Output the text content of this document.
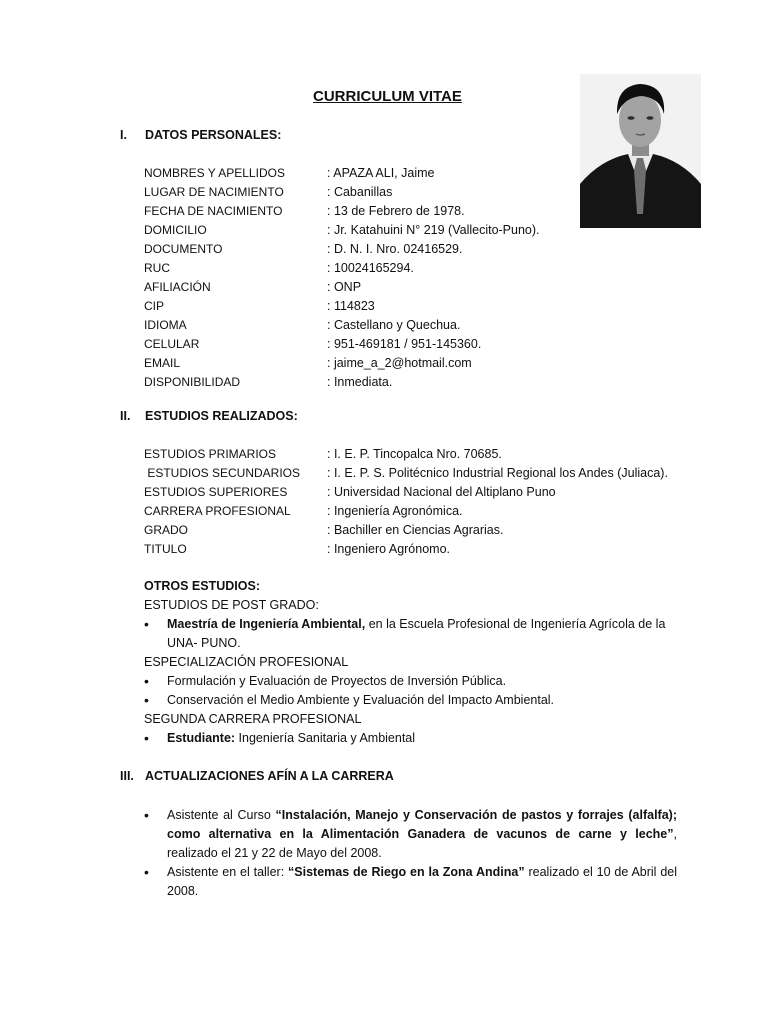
CURRICULUM VITAE
I. DATOS PERSONALES:
NOMBRES Y APELLIDOS	: APAZA ALI, Jaime
LUGAR DE NACIMIENTO	: Cabanillas
FECHA DE NACIMIENTO	: 13 de Febrero de 1978.
DOMICILIO	: Jr. Katahuini N° 219 (Vallecito-Puno).
DOCUMENTO	: D. N. I. Nro. 02416529.
RUC	: 10024165294.
AFILIACIÓN	: ONP
CIP	: 114823
IDIOMA	: Castellano y Quechua.
CELULAR	: 951-469181 / 951-145360.
EMAIL	: jaime_a_2@hotmail.com
DISPONIBILIDAD	: Inmediata.
II. ESTUDIOS REALIZADOS:
ESTUDIOS PRIMARIOS	: I. E. P. Tincopalca Nro. 70685.
ESTUDIOS SECUNDARIOS : I. E. P. S. Politécnico Industrial Regional los Andes (Juliaca).
ESTUDIOS SUPERIORES	: Universidad Nacional del Altiplano Puno
CARRERA PROFESIONAL	: Ingeniería Agronómica.
GRADO	: Bachiller en Ciencias Agrarias.
TITULO	: Ingeniero Agrónomo.
OTROS ESTUDIOS:
ESTUDIOS DE POST GRADO:
• Maestría de Ingeniería Ambiental, en la Escuela Profesional de Ingeniería Agrícola de la
UNA- PUNO.
ESPECIALIZACIÓN PROFESIONAL
• Formulación y Evaluación de Proyectos de Inversión Pública.
• Conservación el Medio Ambiente y Evaluación del Impacto Ambiental.
SEGUNDA CARRERA PROFESIONAL
• Estudiante: Ingeniería Sanitaria y Ambiental
III. ACTUALIZACIONES AFÍN A LA CARRERA
• Asistente al Curso “Instalación, Manejo y Conservación de pastos y forrajes (alfalfa); como alternativa en la Alimentación Ganadera de vacunos de carne y leche”, realizado el 21 y 22 de Mayo del 2008.
• Asistente en el taller: “Sistemas de Riego en la Zona Andina” realizado el 10 de Abril del 2008.
